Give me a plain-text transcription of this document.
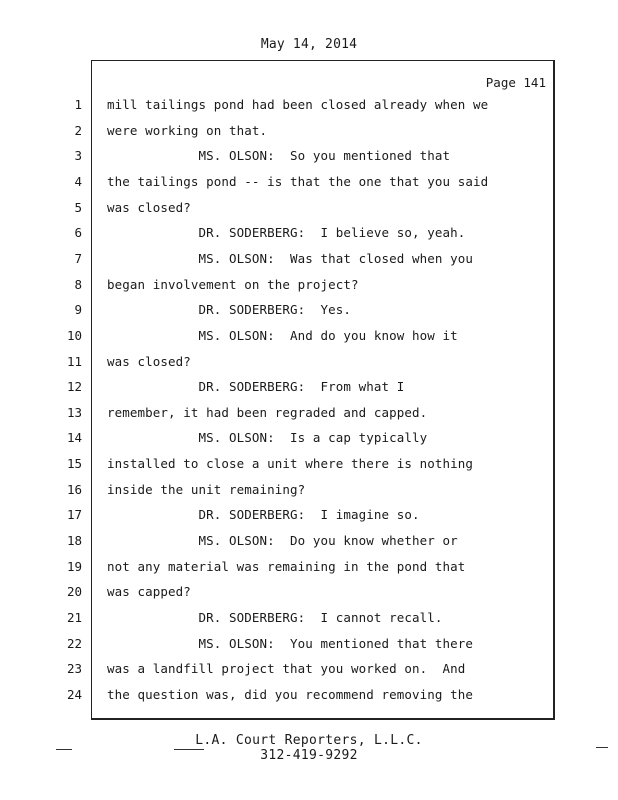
May 14, 2014
Page 141
1 mill tailings pond had been closed already when we
2 were working on that.
3 MS. OLSON:  So you mentioned that
4 the tailings pond -- is that the one that you said
5 was closed?
6 DR. SODERBERG:  I believe so, yeah.
7 MS. OLSON:  Was that closed when you
8 began involvement on the project?
9 DR. SODERBERG:  Yes.
10 MS. OLSON:  And do you know how it
11 was closed?
12 DR. SODERBERG:  From what I
13 remember, it had been regraded and capped.
14 MS. OLSON:  Is a cap typically
15 installed to close a unit where there is nothing
16 inside the unit remaining?
17 DR. SODERBERG:  I imagine so.
18 MS. OLSON:  Do you know whether or
19 not any material was remaining in the pond that
20 was capped?
21 DR. SODERBERG:  I cannot recall.
22 MS. OLSON:  You mentioned that there
23 was a landfill project that you worked on.  And
24 the question was, did you recommend removing the
L.A. Court Reporters, L.L.C.
312-419-9292
